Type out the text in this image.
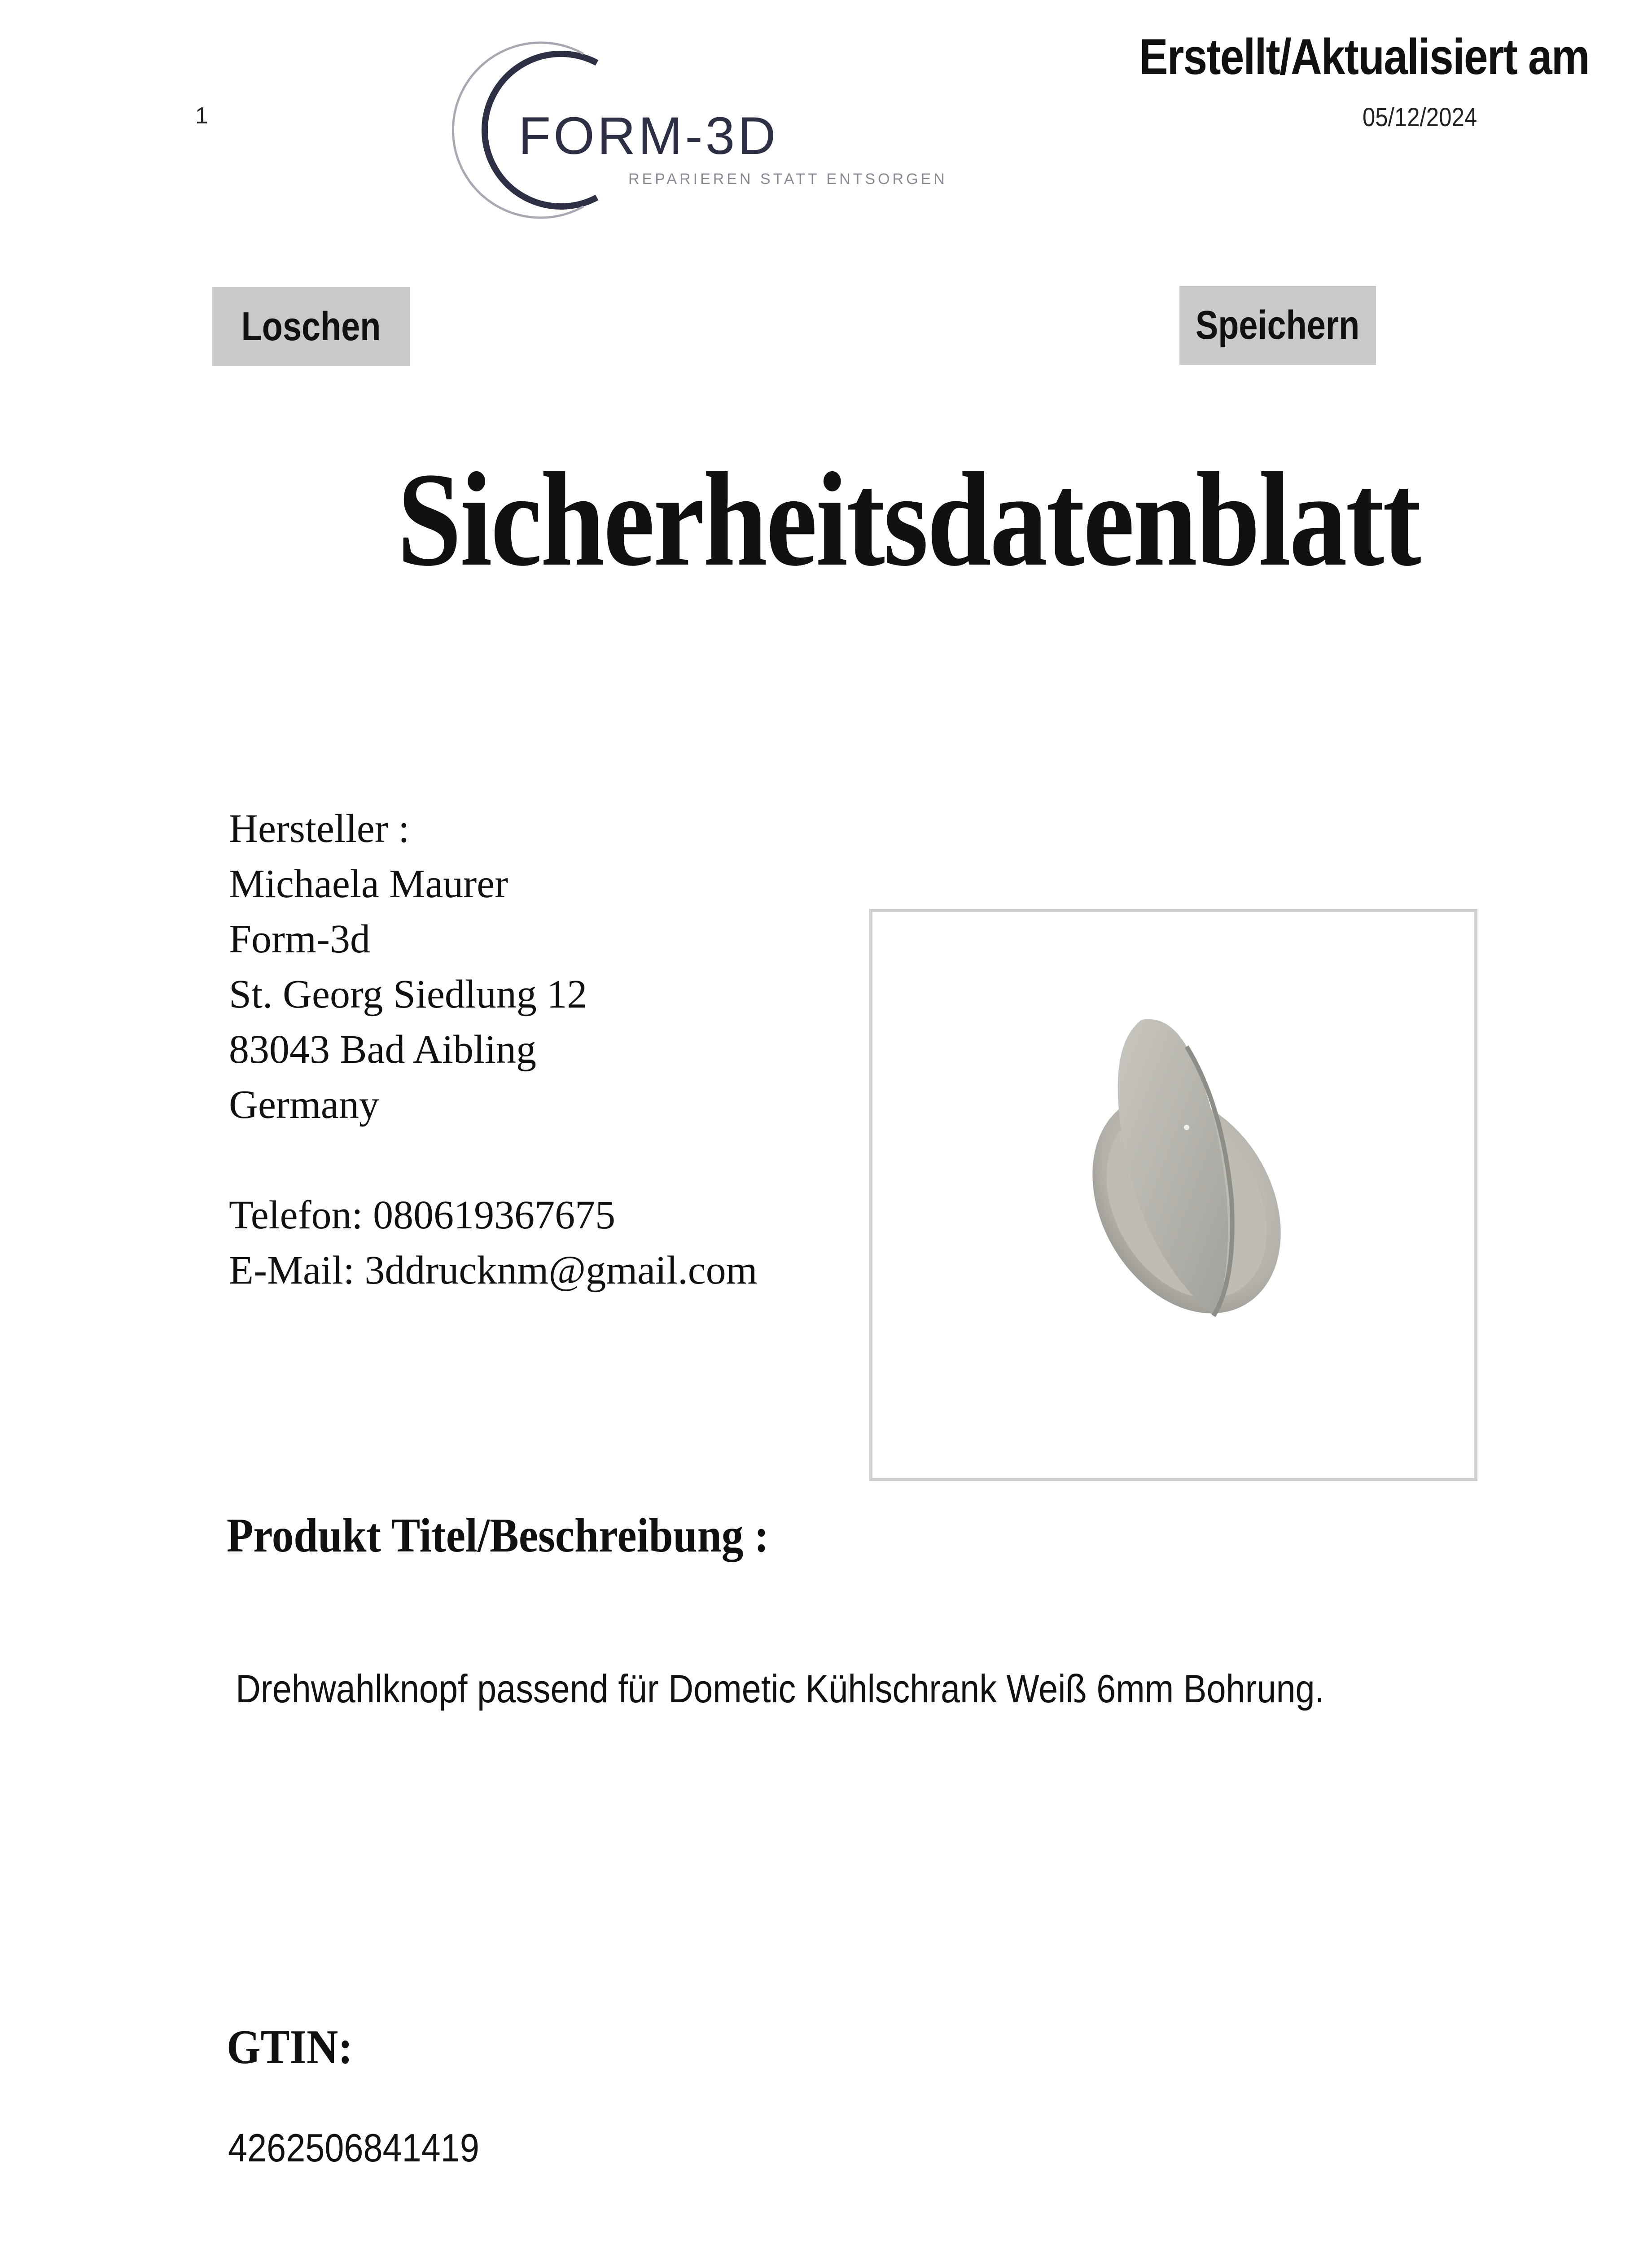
1	FORM-3D
REPARIEREN STATT ENTSORGEN
Erstellt/Aktualisiert am
05/12/2024
Loschen	Speichern
Sicherheitsdatenblatt
Hersteller :
Michaela Maurer
Form-3d
St. Georg Siedlung 12
83043 Bad Aibling
Germany
Telefon: 080619367675
E-Mail: 3ddrucknm@gmail.com
Produkt Titel/Beschreibung :
Drehwahlknopf passend für Dometic Kühlschrank Weiß 6mm Bohrung.
GTIN:
4262506841419
